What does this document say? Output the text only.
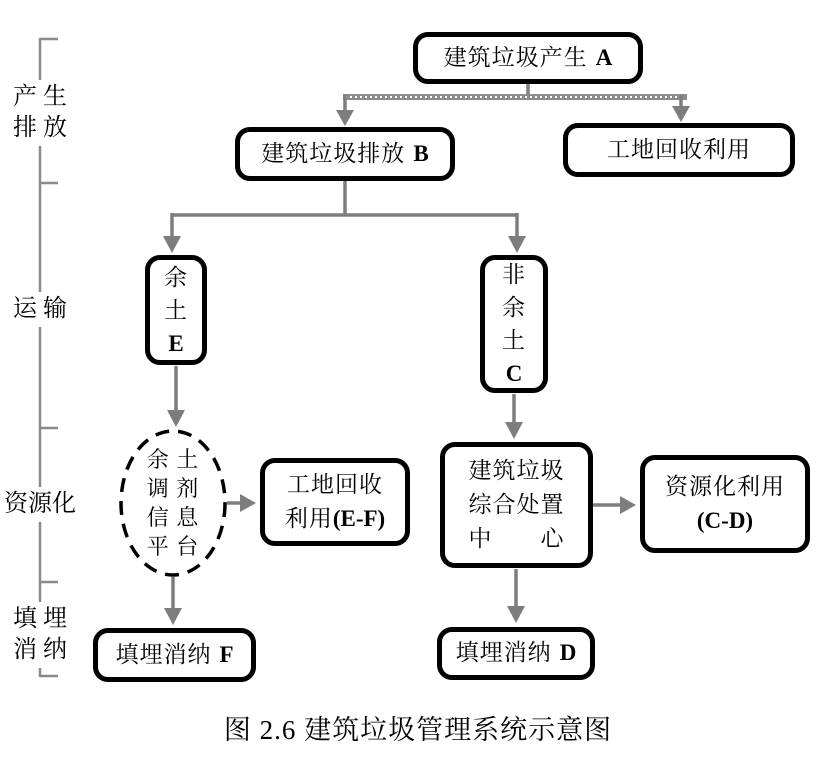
产 生
排 放
运 输
资源化
填 埋
消 纳
建筑垃圾产生 A
建筑垃圾排放 B	工地回收利用
余
土
E
非
余
土
C
余 土
调 剂
信 息
平 台
工地回收
利用(E-F)
建筑垃圾
综合处置
中　　心
资源化利用
(C-D)
填埋消纳 F	填埋消纳 D
图 2.6 建筑垃圾管理系统示意图
